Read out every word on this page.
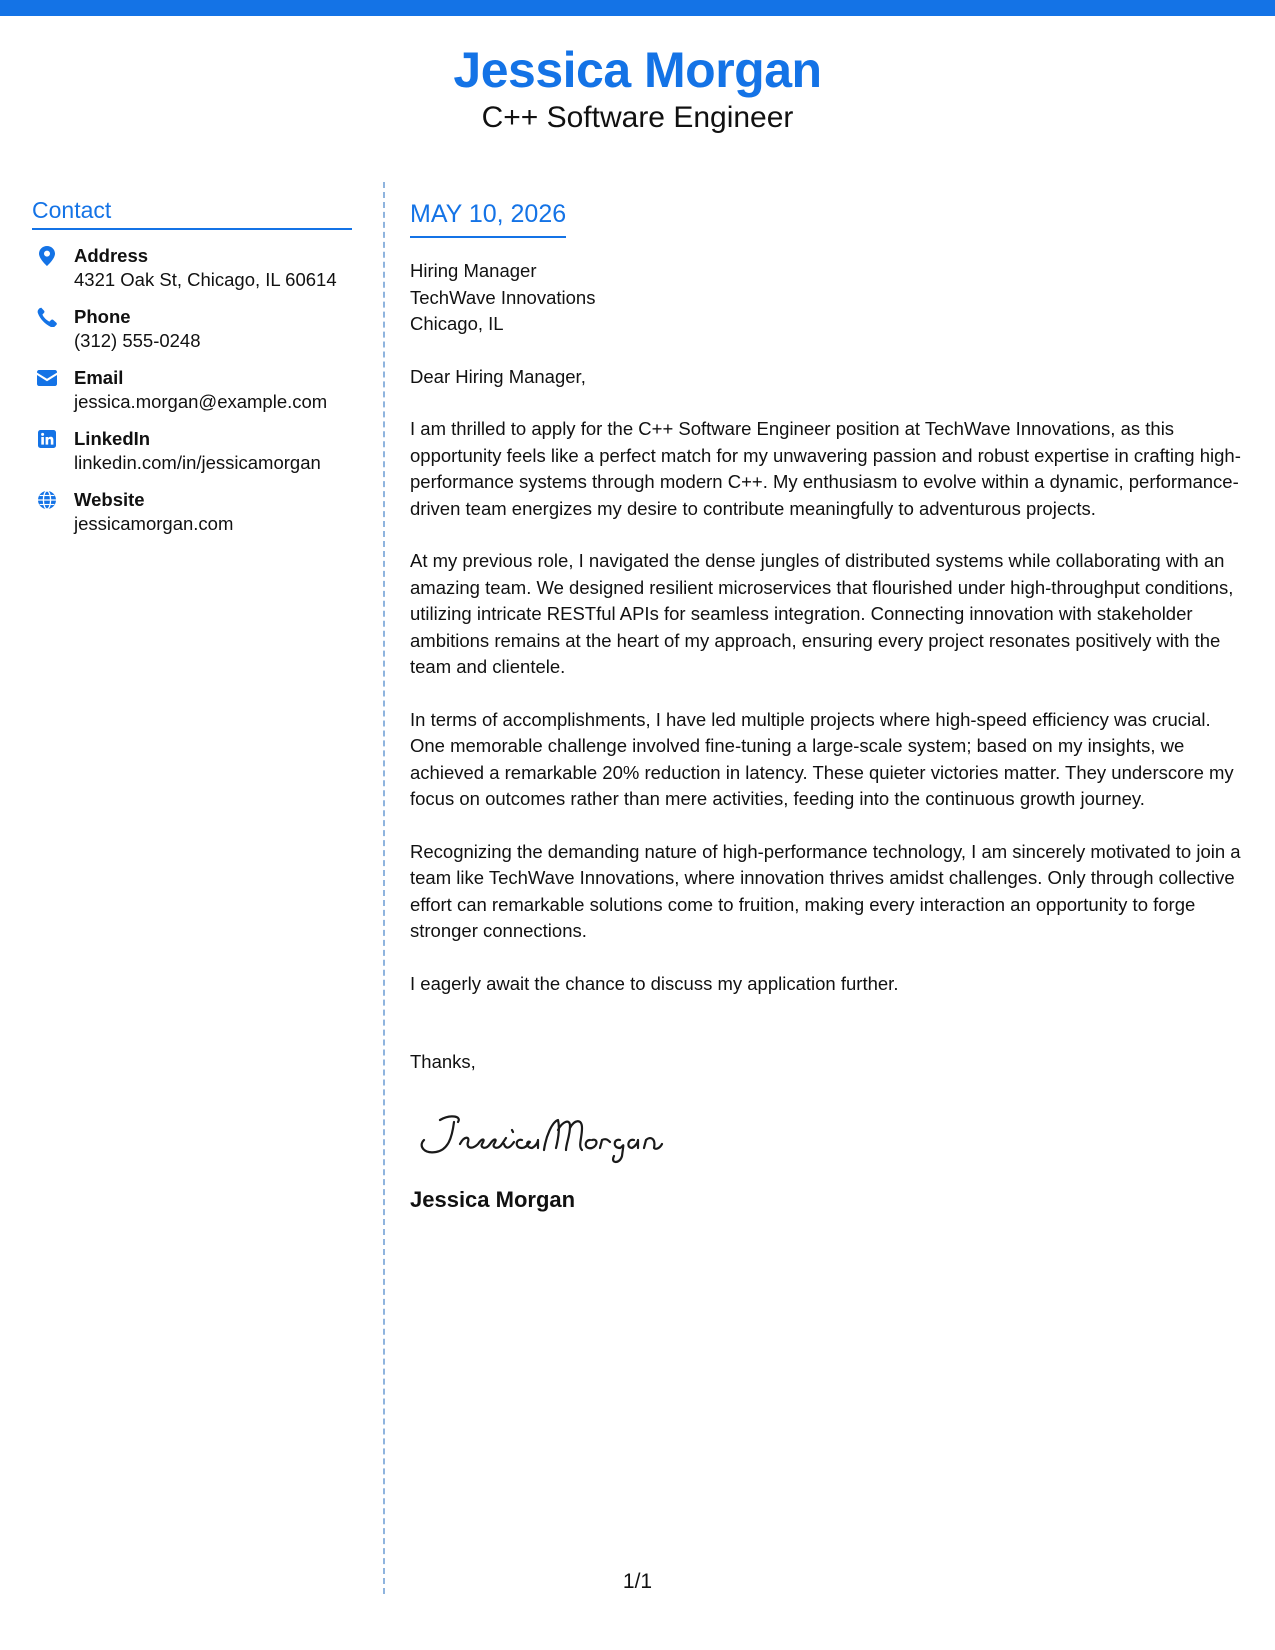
Jessica Morgan
C++ Software Engineer
Contact
Address
4321 Oak St, Chicago, IL 60614
Phone
(312) 555-0248
Email
jessica.morgan@example.com
LinkedIn
linkedin.com/in/jessicamorgan
Website
jessicamorgan.com
MAY 10, 2026
Hiring Manager
TechWave Innovations
Chicago, IL

Dear Hiring Manager,

I am thrilled to apply for the C++ Software Engineer position at TechWave Innovations, as this opportunity feels like a perfect match for my unwavering passion and robust expertise in crafting high-performance systems through modern C++. My enthusiasm to evolve within a dynamic, performance-driven team energizes my desire to contribute meaningfully to adventurous projects.

At my previous role, I navigated the dense jungles of distributed systems while collaborating with an amazing team. We designed resilient microservices that flourished under high-throughput conditions, utilizing intricate RESTful APIs for seamless integration. Connecting innovation with stakeholder ambitions remains at the heart of my approach, ensuring every project resonates positively with the team and clientele.

In terms of accomplishments, I have led multiple projects where high-speed efficiency was crucial. One memorable challenge involved fine-tuning a large-scale system; based on my insights, we achieved a remarkable 20% reduction in latency. These quieter victories matter. They underscore my focus on outcomes rather than mere activities, feeding into the continuous growth journey.

Recognizing the demanding nature of high-performance technology, I am sincerely motivated to join a team like TechWave Innovations, where innovation thrives amidst challenges. Only through collective effort can remarkable solutions come to fruition, making every interaction an opportunity to forge stronger connections.

I eagerly await the chance to discuss my application further.

Thanks,
Jessica Morgan
1/1
